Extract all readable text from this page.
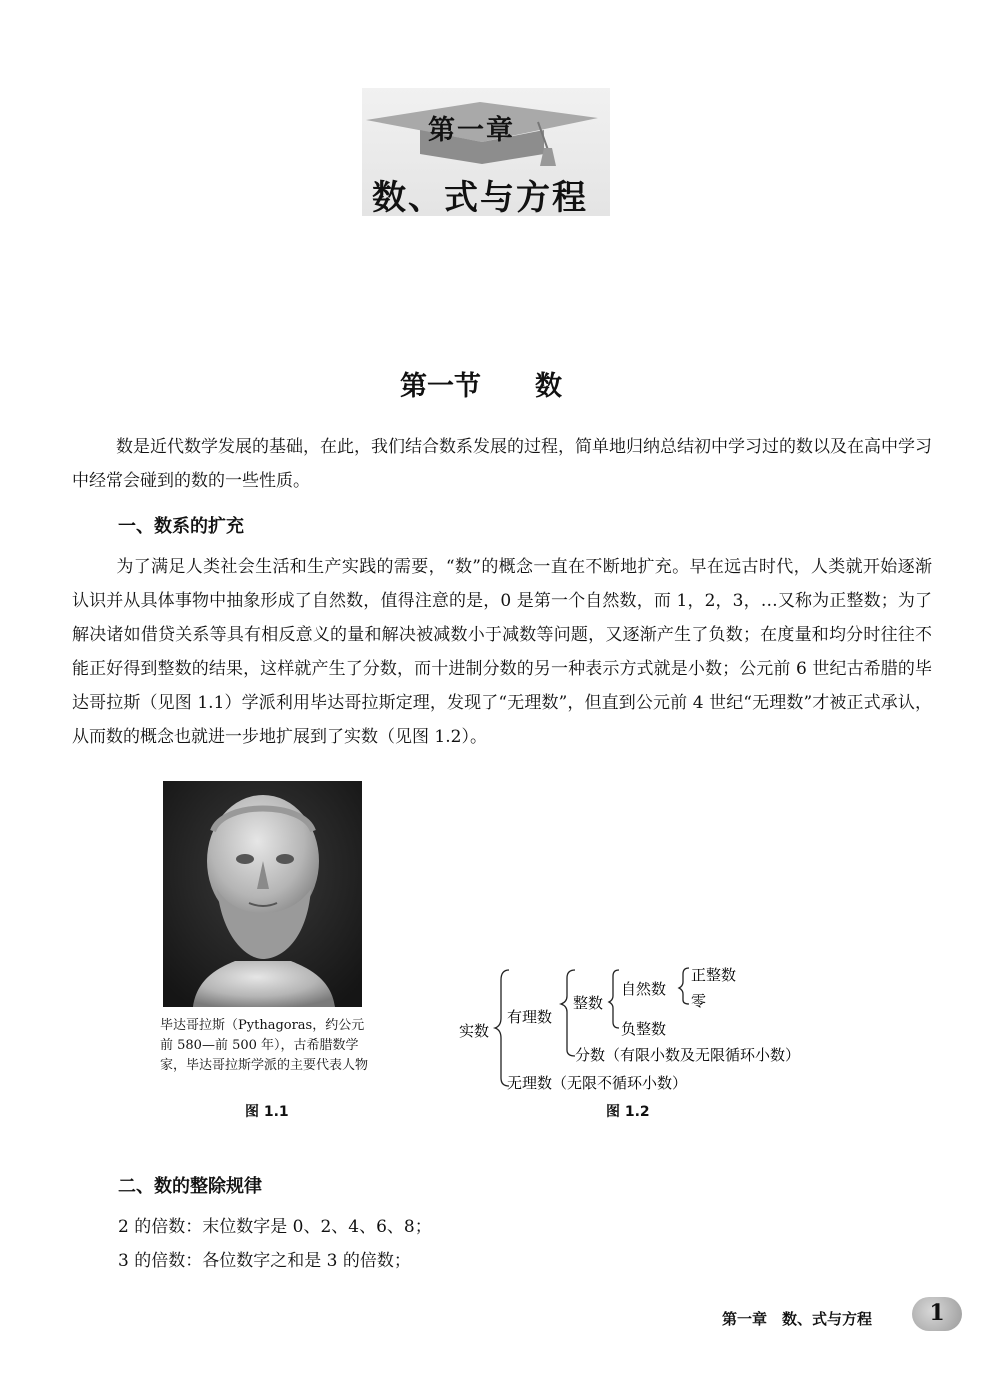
第一章
数、式与方程
第一节 数
数是近代数学发展的基础，在此，我们结合数系发展的过程，简单地归纳总结初中学习过的数以及在高中学习中经常会碰到的数的一些性质。
一、数系的扩充
为了满足人类社会生活和生产实践的需要，“数”的概念一直在不断地扩充。早在远古时代，人类就开始逐渐认识并从具体事物中抽象形成了自然数，值得注意的是，0 是第一个自然数，而 1，2，3，…又称为正整数；为了解决诸如借贷关系等具有相反意义的量和解决被减数小于减数等问题，又逐渐产生了负数；在度量和均分时往往不能正好得到整数的结果，这样就产生了分数，而十进制分数的另一种表示方式就是小数；公元前 6 世纪古希腊的毕达哥拉斯（见图 1.1）学派利用毕达哥拉斯定理，发现了“无理数”，但直到公元前 4 世纪“无理数”才被正式承认，从而数的概念也就进一步地扩展到了实数（见图 1.2）。
毕达哥拉斯（Pythagoras，约公元前 580—前 500 年），古希腊数学家，毕达哥拉斯学派的主要代表人物
图 1.1
实数
有理数
整数
自然数
正整数
零
负整数
分数（有限小数及无限循环小数）
无理数（无限不循环小数）
图 1.2
二、数的整除规律
2 的倍数：末位数字是 0、2、4、6、8；
3 的倍数：各位数字之和是 3 的倍数；
第一章　数、式与方程	1
